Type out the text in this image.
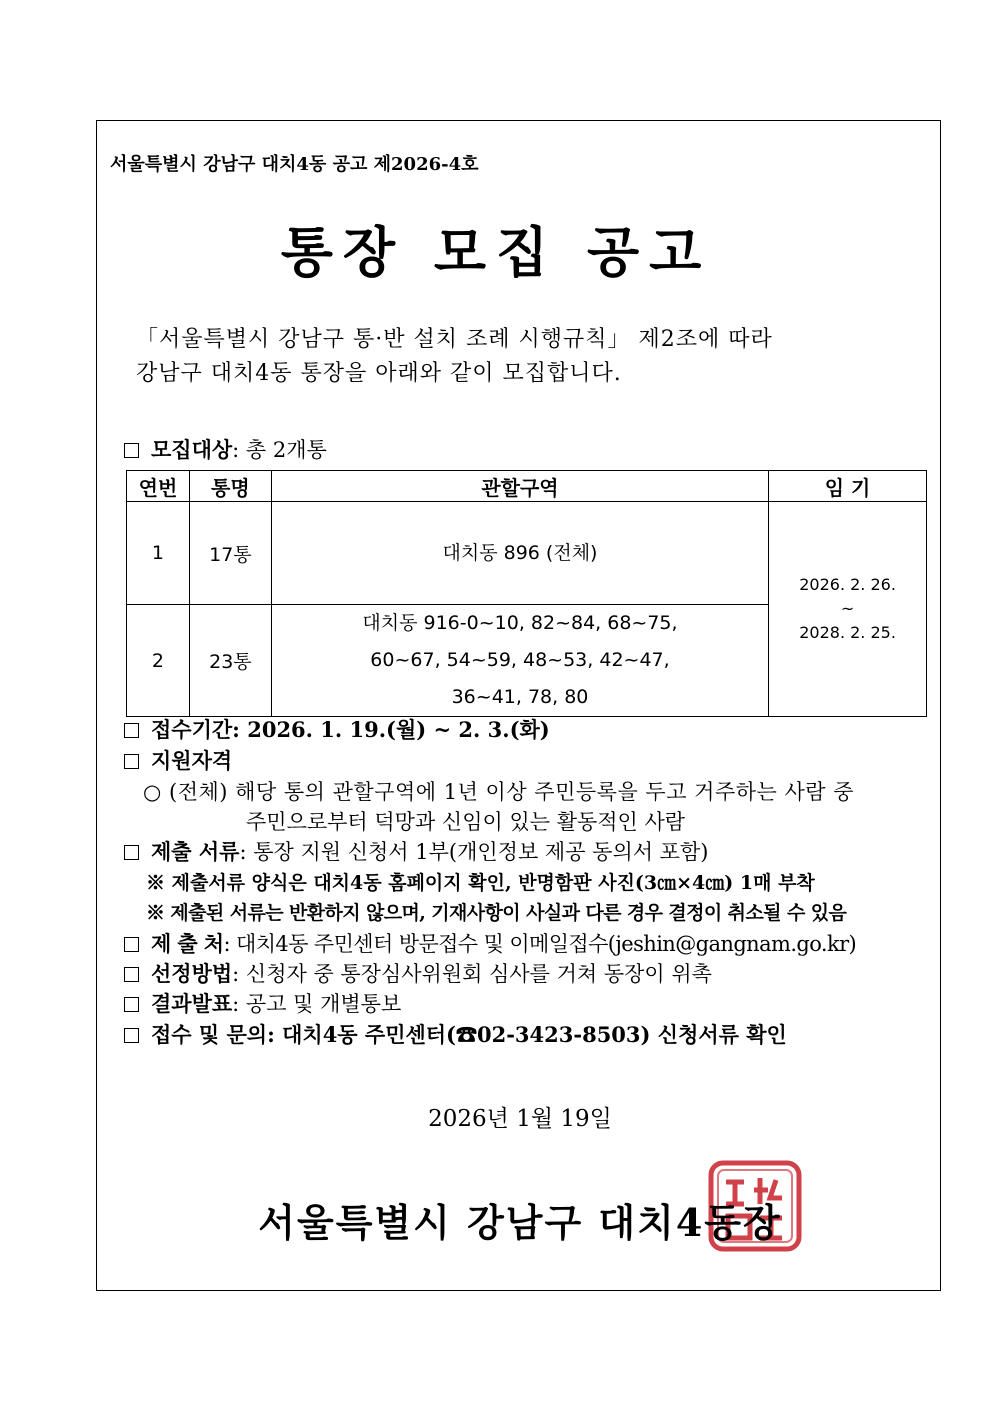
서울특별시 강남구 대치4동 공고 제2026-4호
통장 모집 공고
「서울특별시 강남구 통·반 설치 조례 시행규칙」 제2조에 따라
강남구 대치4동 통장을 아래와 같이 모집합니다.
모집대상: 총 2개통
연번	통명	관할구역	임 기
1	17통	대치동 896 (전체)	2026. 2. 26.
~
2028. 2. 25.

2	23통	대치동 916-0~10, 82~84, 68~75,
60~67, 54~59, 48~53, 42~47,
36~41, 78, 80	
접수기간: 2026. 1. 19.(월) ~ 2. 3.(화)
지원자격
○ (전체) 해당 통의 관할구역에 1년 이상 주민등록을 두고 거주하는 사람 중
주민으로부터 덕망과 신임이 있는 활동적인 사람
제출 서류: 통장 지원 신청서 1부(개인정보 제공 동의서 포함)
※ 제출서류 양식은 대치4동 홈페이지 확인, 반명함판 사진(3㎝×4㎝) 1매 부착
※ 제출된 서류는 반환하지 않으며, 기재사항이 사실과 다른 경우 결정이 취소될 수 있음
제 출 처: 대치4동 주민센터 방문접수 및 이메일접수(jeshin@gangnam.go.kr)
선정방법: 신청자 중 통장심사위원회 심사를 거쳐 동장이 위촉
결과발표: 공고 및 개별통보
접수 및 문의: 대치4동 주민센터(☎02-3423-8503) 신청서류 확인
2026년 1월 19일
서울특별시 강남구 대치4동장
